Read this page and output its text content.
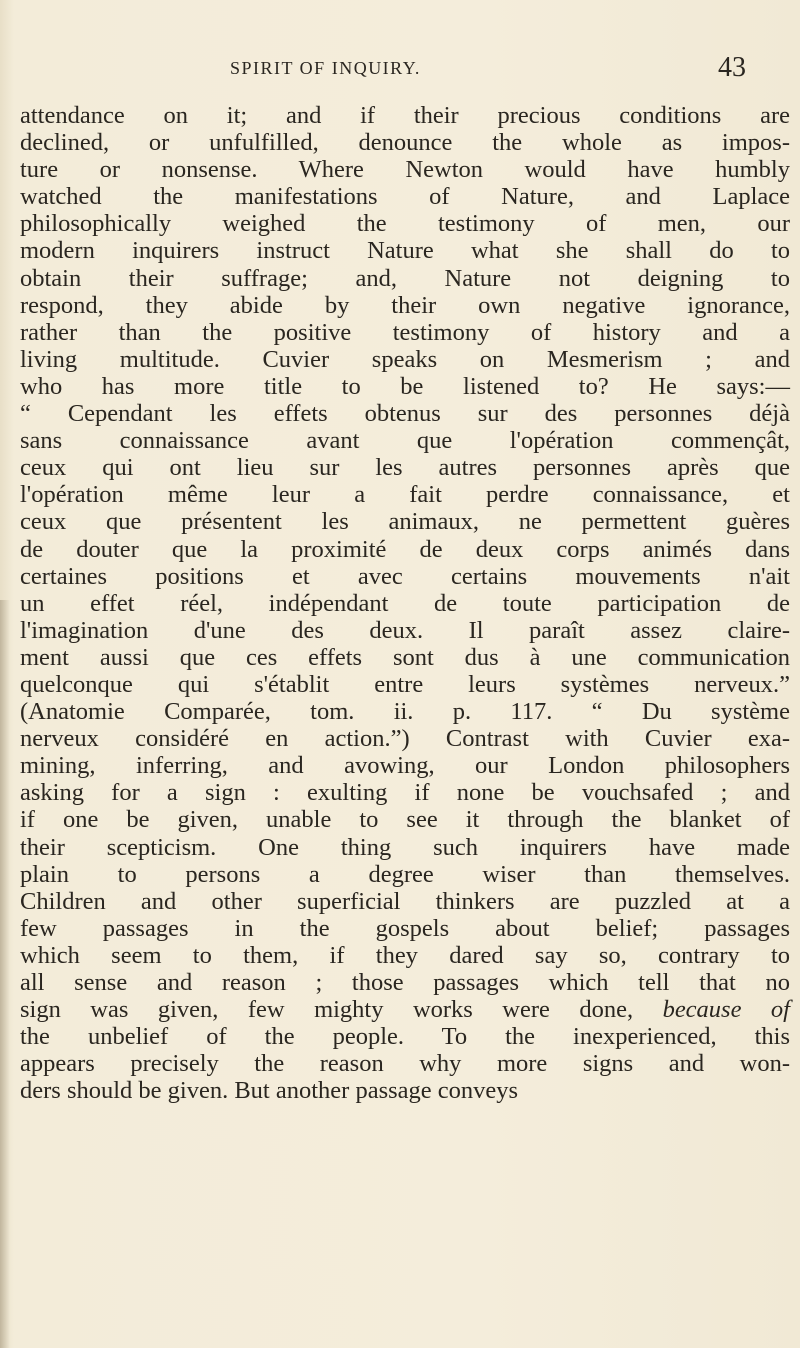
SPIRIT OF INQUIRY.	43
attendance on it; and if their precious conditions are
declined, or unfulfilled, denounce the whole as impos-
ture or nonsense. Where Newton would have humbly
watched the manifestations of Nature, and Laplace
philosophically weighed the testimony of men, our
modern inquirers instruct Nature what she shall do to
obtain their suffrage; and, Nature not deigning to
respond, they abide by their own negative ignorance,
rather than the positive testimony of history and a
living multitude. Cuvier speaks on Mesmerism ; and
who has more title to be listened to? He says:—
“ Cependant les effets obtenus sur des personnes déjà
sans connaissance avant que l'opération commençât,
ceux qui ont lieu sur les autres personnes après que
l'opération même leur a fait perdre connaissance, et
ceux que présentent les animaux, ne permettent guères
de douter que la proximité de deux corps animés dans
certaines positions et avec certains mouvements n'ait
un effet réel, indépendant de toute participation de
l'imagination d'une des deux. Il paraît assez claire-
ment aussi que ces effets sont dus à une communication
quelconque qui s'établit entre leurs systèmes nerveux.”
(Anatomie Comparée, tom. ii. p. 117. “ Du système
nerveux considéré en action.”) Contrast with Cuvier exa-
mining, inferring, and avowing, our London philosophers
asking for a sign : exulting if none be vouchsafed ; and
if one be given, unable to see it through the blanket of
their scepticism. One thing such inquirers have made
plain to persons a degree wiser than themselves.
Children and other superficial thinkers are puzzled at a
few passages in the gospels about belief; passages
which seem to them, if they dared say so, contrary to
all sense and reason ; those passages which tell that no
sign was given, few mighty works were done, because of
the unbelief of the people. To the inexperienced, this
appears precisely the reason why more signs and won-
ders should be given. But another passage conveys
